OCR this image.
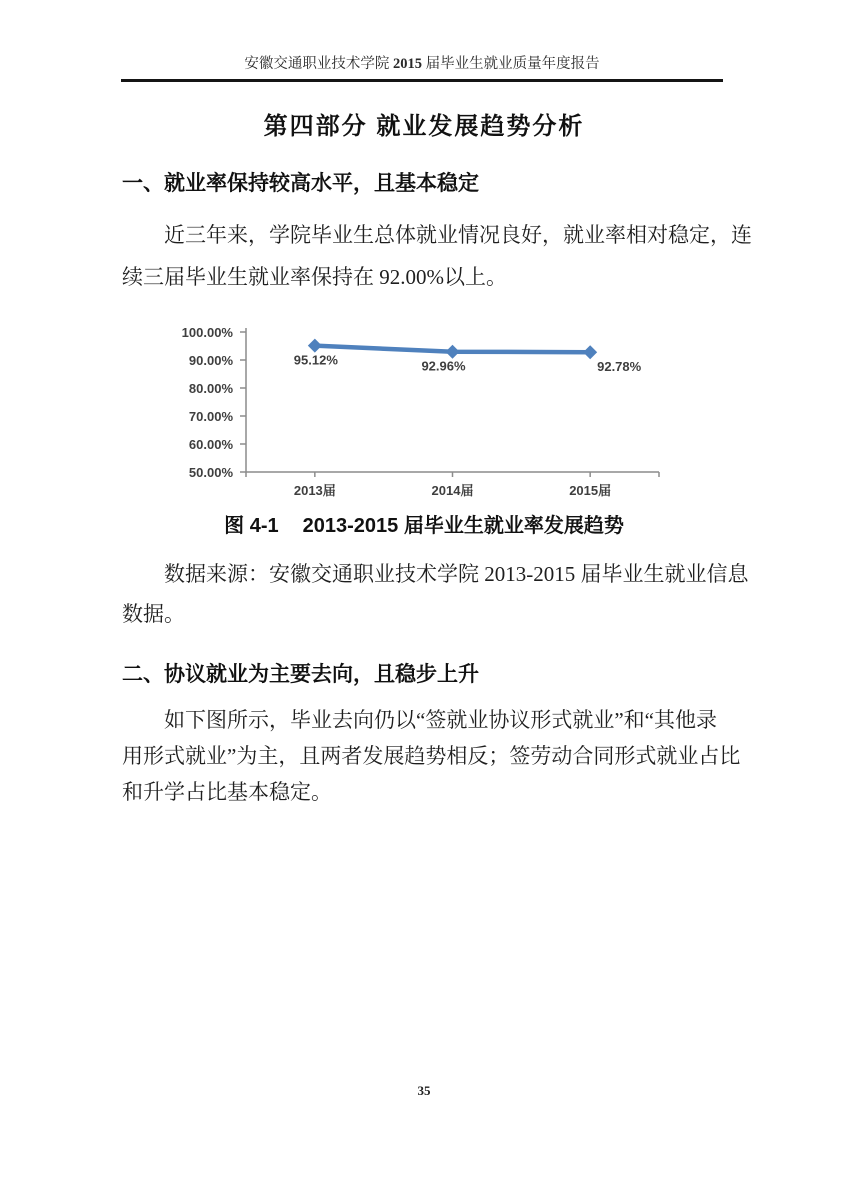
安徽交通职业技术学院 2015 届毕业生就业质量年度报告
第四部分 就业发展趋势分析
一、就业率保持较高水平，且基本稳定
近三年来，学院毕业生总体就业情况良好，就业率相对稳定，连
续三届毕业生就业率保持在 92.00%以上。
50.00%
60.00%
70.00%
80.00%
90.00%
100.00%
2013届	2014届	2015届
95.12%	92.96%	92.78%
图 4-1 2013-2015 届毕业生就业率发展趋势
数据来源：安徽交通职业技术学院 2013-2015 届毕业生就业信息
数据。
二、协议就业为主要去向，且稳步上升
如下图所示，毕业去向仍以“签就业协议形式就业”和“其他录
用形式就业”为主，且两者发展趋势相反；签劳动合同形式就业占比
和升学占比基本稳定。
35
